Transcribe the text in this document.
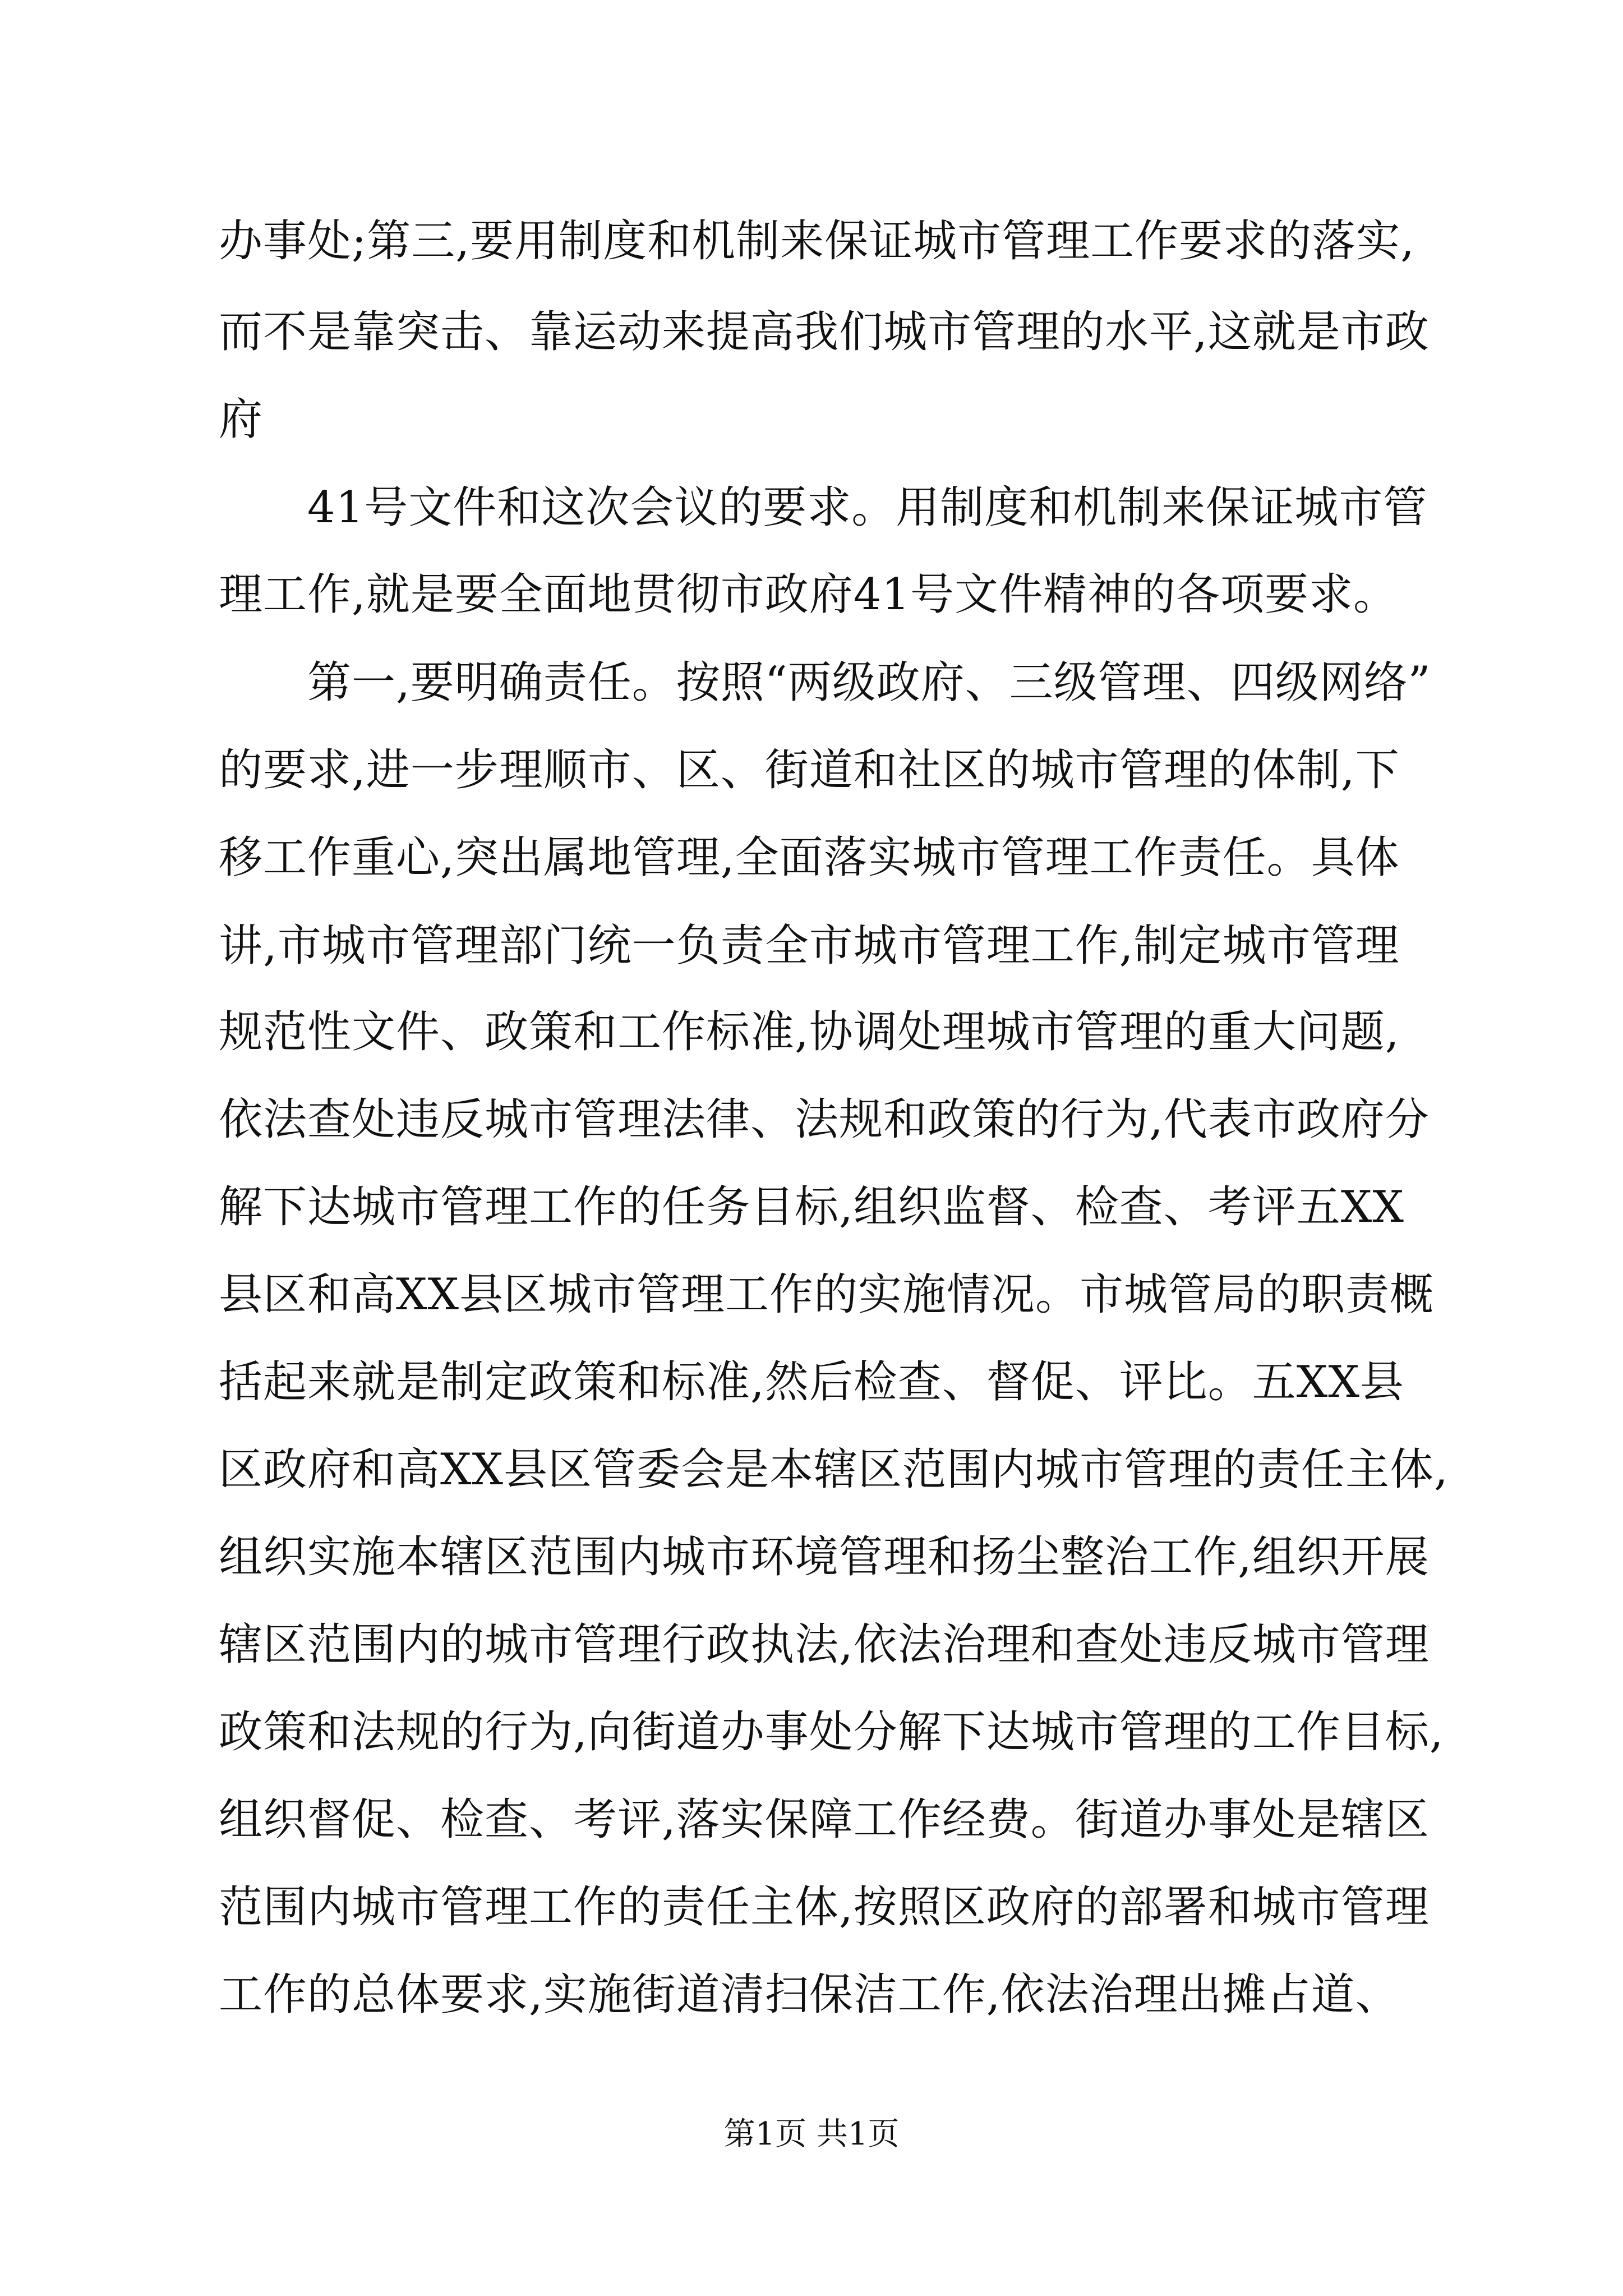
办事处;第三,要用制度和机制来保证城市管理工作要求的落实,
而不是靠突击、靠运动来提高我们城市管理的水平,这就是市政
府
　　41号文件和这次会议的要求。用制度和机制来保证城市管
理工作,就是要全面地贯彻市政府41号文件精神的各项要求。
　　第一,要明确责任。按照“两级政府、三级管理、四级网络”
的要求,进一步理顺市、区、街道和社区的城市管理的体制,下
移工作重心,突出属地管理,全面落实城市管理工作责任。具体
讲,市城市管理部门统一负责全市城市管理工作,制定城市管理
规范性文件、政策和工作标准,协调处理城市管理的重大问题,
依法查处违反城市管理法律、法规和政策的行为,代表市政府分
解下达城市管理工作的任务目标,组织监督、检查、考评五XX
县区和高XX县区城市管理工作的实施情况。市城管局的职责概
括起来就是制定政策和标准,然后检查、督促、评比。五XX县
区政府和高XX县区管委会是本辖区范围内城市管理的责任主体,
组织实施本辖区范围内城市环境管理和扬尘整治工作,组织开展
辖区范围内的城市管理行政执法,依法治理和查处违反城市管理
政策和法规的行为,向街道办事处分解下达城市管理的工作目标,
组织督促、检查、考评,落实保障工作经费。街道办事处是辖区
范围内城市管理工作的责任主体,按照区政府的部署和城市管理
工作的总体要求,实施街道清扫保洁工作,依法治理出摊占道、
第1页 共1页
